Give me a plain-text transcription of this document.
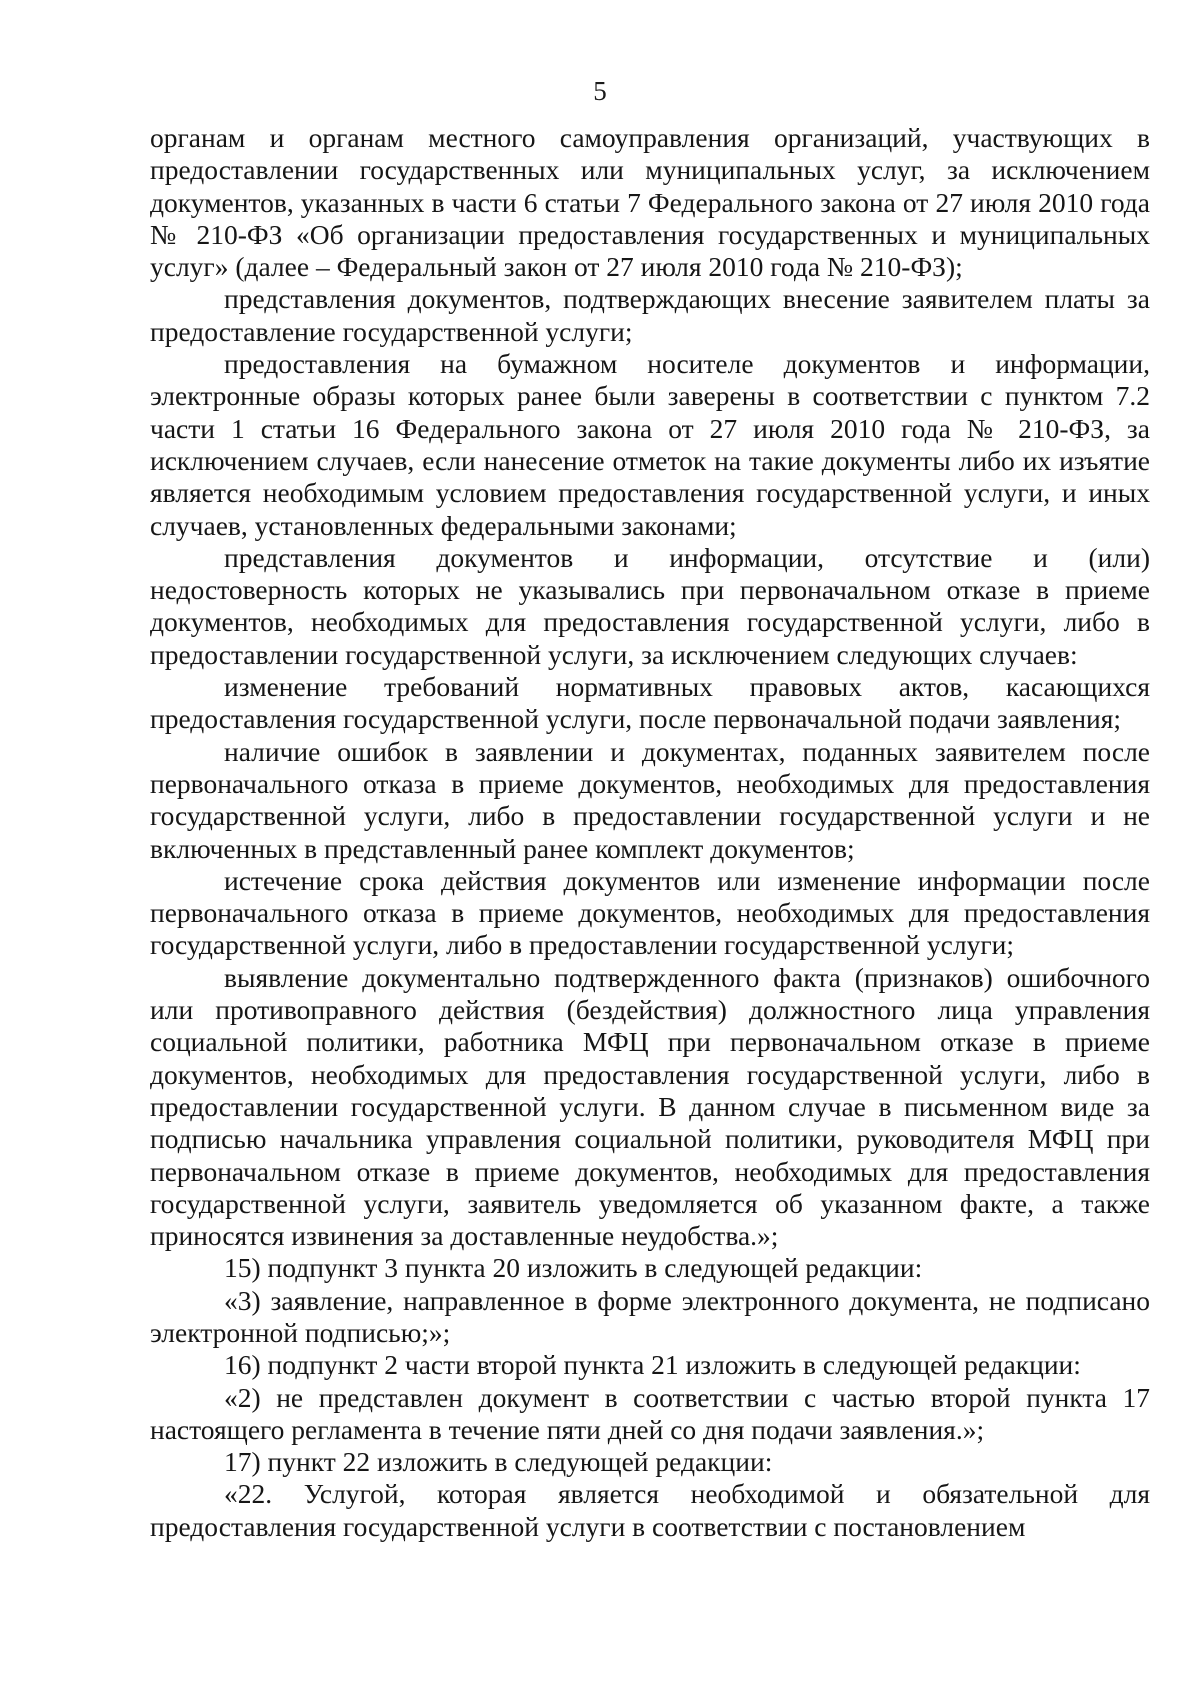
5

органам и органам местного самоуправления организаций, участвующих в предоставлении государственных или муниципальных услуг, за исключением документов, указанных в части 6 статьи 7 Федерального закона от 27 июля 2010 года № 210-ФЗ «Об организации предоставления государственных и муниципальных услуг» (далее – Федеральный закон от 27 июля 2010 года № 210-ФЗ);

представления документов, подтверждающих внесение заявителем платы за предоставление государственной услуги;

предоставления на бумажном носителе документов и информации, электронные образы которых ранее были заверены в соответствии с пунктом 7.2 части 1 статьи 16 Федерального закона от 27 июля 2010 года № 210-ФЗ, за исключением случаев, если нанесение отметок на такие документы либо их изъятие является необходимым условием предоставления государственной услуги, и иных случаев, установленных федеральными законами;

представления документов и информации, отсутствие и (или) недостоверность которых не указывались при первоначальном отказе в приеме документов, необходимых для предоставления государственной услуги, либо в предоставлении государственной услуги, за исключением следующих случаев:

изменение требований нормативных правовых актов, касающихся предоставления государственной услуги, после первоначальной подачи заявления;

наличие ошибок в заявлении и документах, поданных заявителем после первоначального отказа в приеме документов, необходимых для предоставления государственной услуги, либо в предоставлении государственной услуги и не включенных в представленный ранее комплект документов;

истечение срока действия документов или изменение информации после первоначального отказа в приеме документов, необходимых для предоставления государственной услуги, либо в предоставлении государственной услуги;

выявление документально подтвержденного факта (признаков) ошибочного или противоправного действия (бездействия) должностного лица управления социальной политики, работника МФЦ при первоначальном отказе в приеме документов, необходимых для предоставления государственной услуги, либо в предоставлении государственной услуги. В данном случае в письменном виде за подписью начальника управления социальной политики, руководителя МФЦ при первоначальном отказе в приеме документов, необходимых для предоставления государственной услуги, заявитель уведомляется об указанном факте, а также приносятся извинения за доставленные неудобства.»;

15) подпункт 3 пункта 20 изложить в следующей редакции:

«3) заявление, направленное в форме электронного документа, не подписано электронной подписью;»;

16) подпункт 2 части второй пункта 21 изложить в следующей редакции:

«2) не представлен документ в соответствии с частью второй пункта 17 настоящего регламента в течение пяти дней со дня подачи заявления.»;

17) пункт 22 изложить в следующей редакции:

«22. Услугой, которая является необходимой и обязательной для предоставления государственной услуги в соответствии с постановлением
